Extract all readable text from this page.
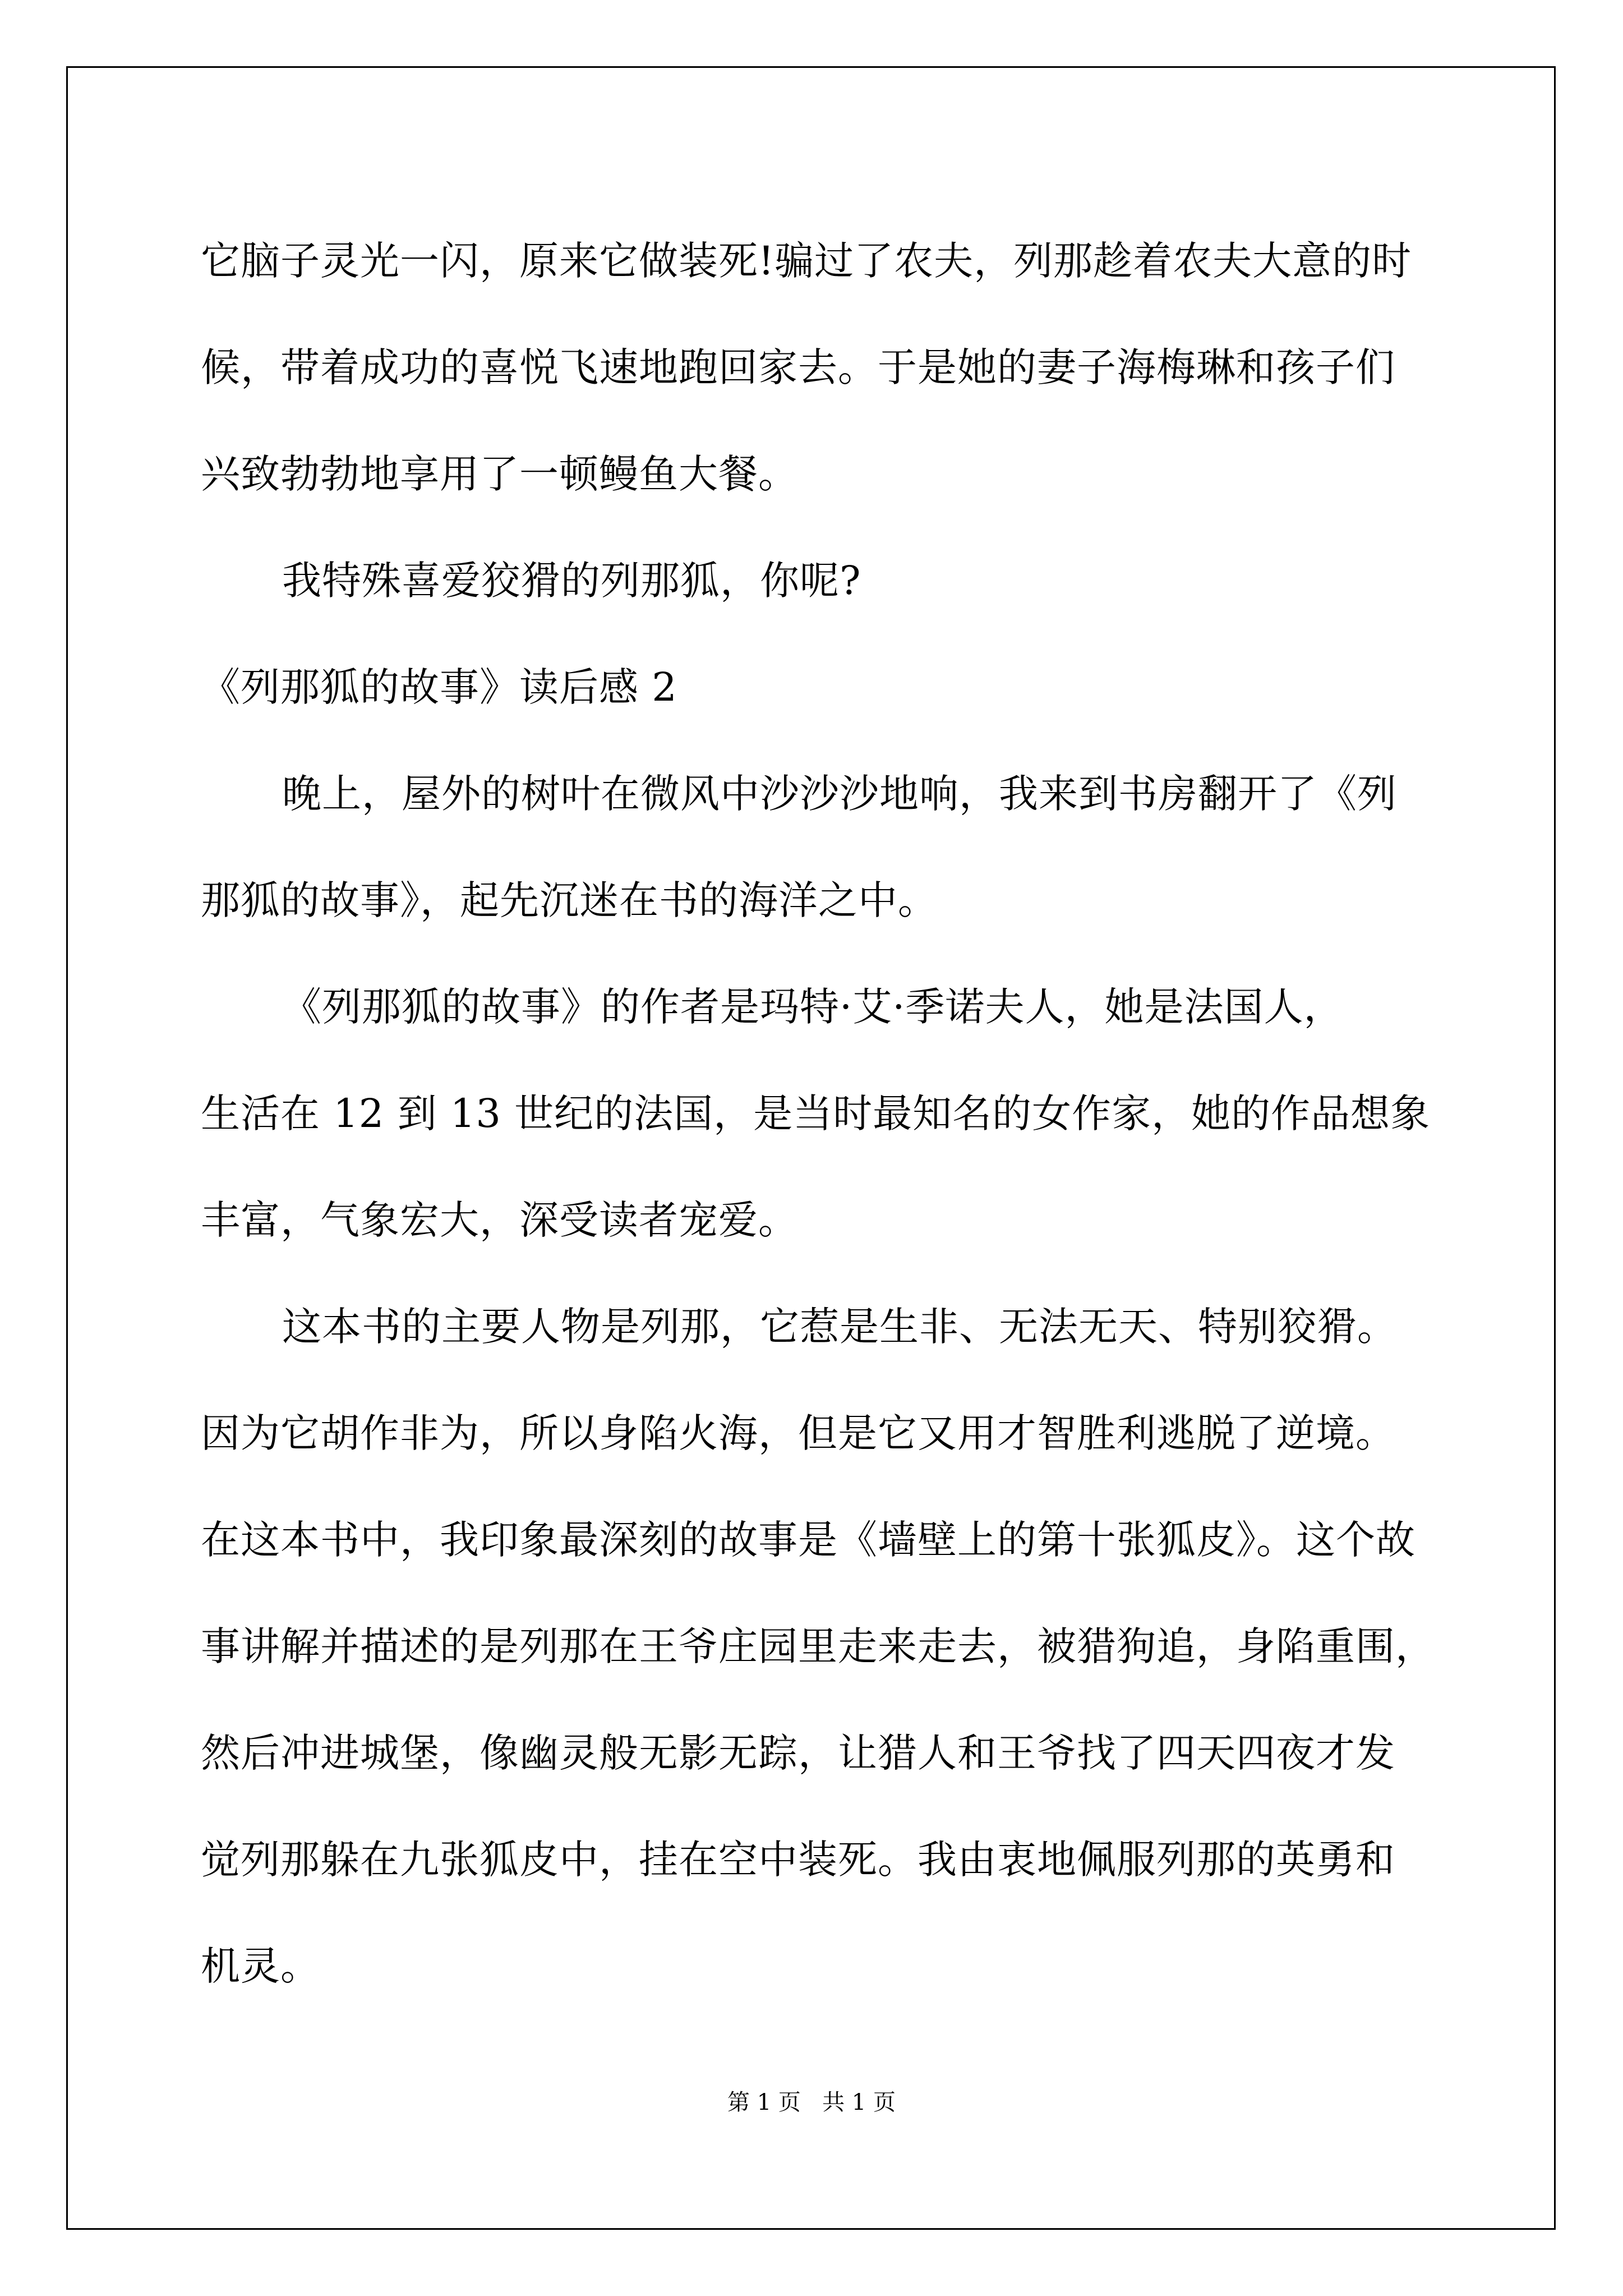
它脑子灵光一闪，原来它做装死!骗过了农夫，列那趁着农夫大意的时
候，带着成功的喜悦飞速地跑回家去。于是她的妻子海梅琳和孩子们
兴致勃勃地享用了一顿鳗鱼大餐。
我特殊喜爱狡猾的列那狐，你呢?
《列那狐的故事》读后感 2
晚上，屋外的树叶在微风中沙沙沙地响，我来到书房翻开了《列
那狐的故事》，起先沉迷在书的海洋之中。
《列那狐的故事》的作者是玛特·艾·季诺夫人，她是法国人，
生活在 12 到 13 世纪的法国，是当时最知名的女作家，她的作品想象
丰富，气象宏大，深受读者宠爱。
这本书的主要人物是列那，它惹是生非、无法无天、特别狡猾。
因为它胡作非为，所以身陷火海，但是它又用才智胜利逃脱了逆境。
在这本书中，我印象最深刻的故事是《墙壁上的第十张狐皮》。这个故
事讲解并描述的是列那在王爷庄园里走来走去，被猎狗追，身陷重围，
然后冲进城堡，像幽灵般无影无踪，让猎人和王爷找了四天四夜才发
觉列那躲在九张狐皮中，挂在空中装死。我由衷地佩服列那的英勇和
机灵。
第 1 页   共 1 页
